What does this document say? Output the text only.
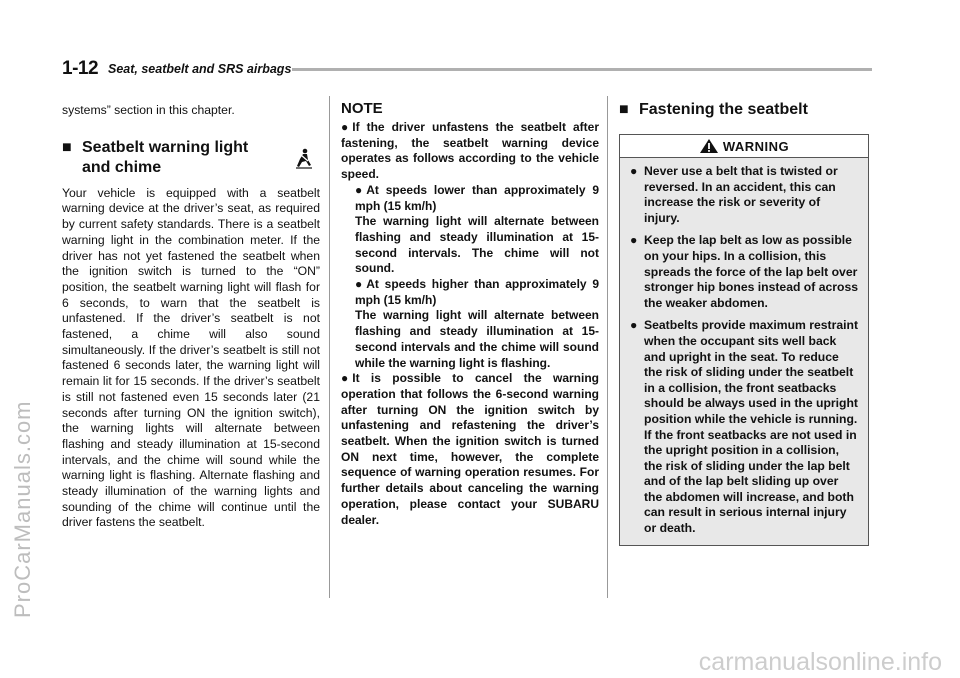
1-12 Seat, seatbelt and SRS airbags

systems” section in this chapter.

■ Seatbelt warning light and chime

Your vehicle is equipped with a seatbelt warning device at the driver’s seat, as required by current safety standards. There is a seatbelt warning light in the combination meter. If the driver has not yet fastened the seatbelt when the ignition switch is turned to the “ON” position, the seatbelt warning light will flash for 6 seconds, to warn that the seatbelt is unfastened. If the driver’s seatbelt is not fastened, a chime will also sound simultaneously. If the driver’s seatbelt is still not fastened 6 seconds later, the warning light will remain lit for 15 seconds. If the driver’s seatbelt is still not fastened even 15 seconds later (21 seconds after turning ON the ignition switch), the warning lights will alternate between flashing and steady illumination at 15-second intervals, and the chime will sound while the warning light is flashing. Alternate flashing and steady illumination of the warning lights and sounding of the chime will continue until the driver fastens the seatbelt.

NOTE

● If the driver unfastens the seatbelt after fastening, the seatbelt warning device operates as follows according to the vehicle speed.

● At speeds lower than approximately 9 mph (15 km/h)

The warning light will alternate between flashing and steady illumination at 15-second intervals. The chime will not sound.

● At speeds higher than approximately 9 mph (15 km/h)

The warning light will alternate between flashing and steady illumination at 15-second intervals and the chime will sound while the warning light is flashing.

● It is possible to cancel the warning operation that follows the 6-second warning after turning ON the ignition switch by unfastening and refastening the driver’s seatbelt. When the ignition switch is turned ON next time, however, the complete sequence of warning operation resumes. For further details about canceling the warning operation, please contact your SUBARU dealer.

■ Fastening the seatbelt
WARNING
● Never use a belt that is twisted or reversed. In an accident, this can increase the risk or severity of injury.
● Keep the lap belt as low as possible on your hips. In a collision, this spreads the force of the lap belt over stronger hip bones instead of across the weaker abdomen.
● Seatbelts provide maximum restraint when the occupant sits well back and upright in the seat. To reduce the risk of sliding under the seatbelt in a collision, the front seatbacks should be always used in the upright position while the vehicle is running. If the front seatbacks are not used in the upright position in a collision, the risk of sliding under the lap belt and of the lap belt sliding up over the abdomen will increase, and both can result in serious internal injury or death.
ProCarManuals.com
carmanualsonline.info
